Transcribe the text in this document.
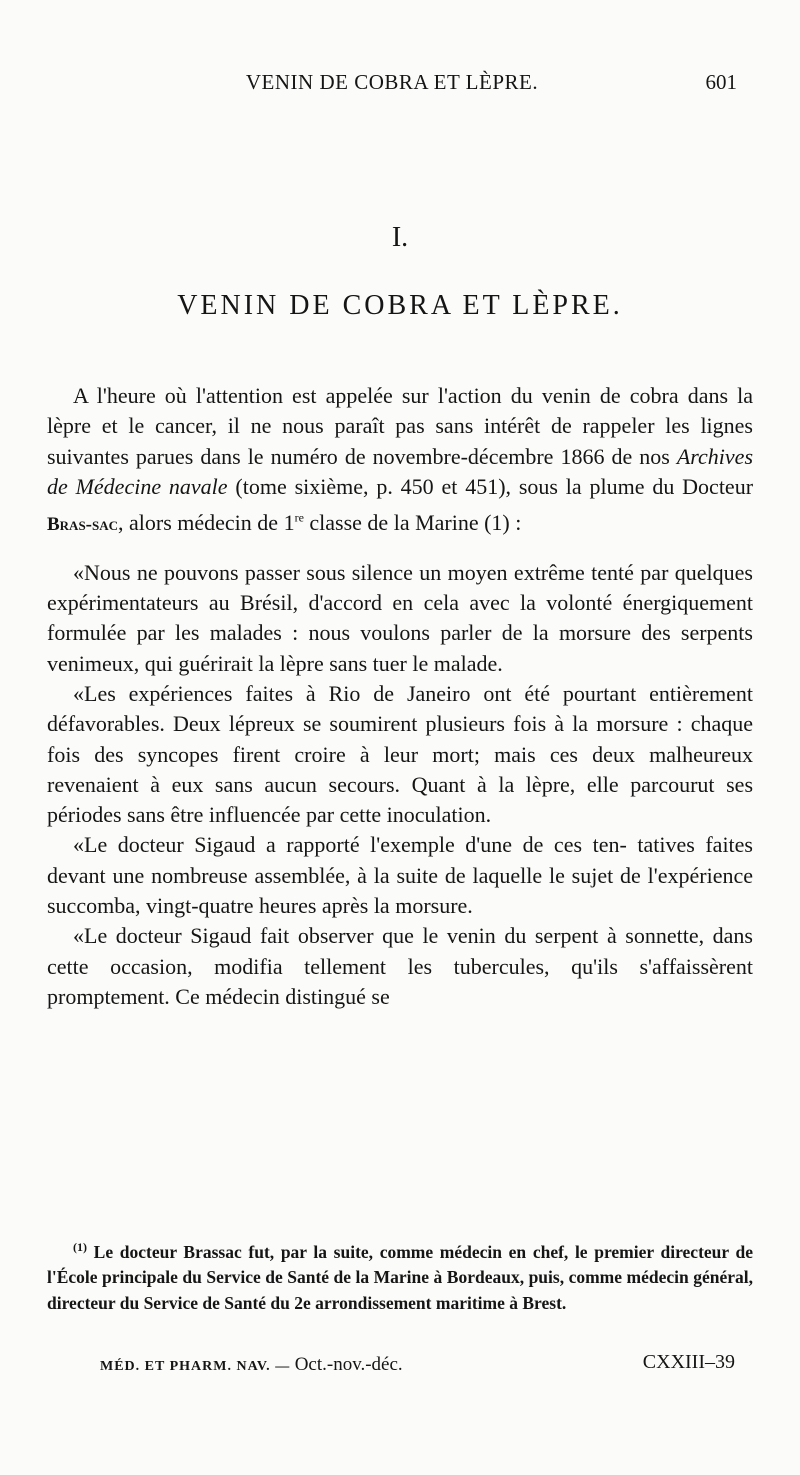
VENIN DE COBRA ET LÈPRE.	601
I.
VENIN DE COBRA ET LÈPRE.

A l'heure où l'attention est appelée sur l'action du venin de cobra dans la lèpre et le cancer, il ne nous paraît pas sans intérêt de rappeler les lignes suivantes parues dans le numéro de novembre-décembre 1866 de nos Archives de Médecine navale (tome sixième, p. 450 et 451), sous la plume du Docteur Bras-sac, alors médecin de 1re classe de la Marine (1) :

«Nous ne pouvons passer sous silence un moyen extrême tenté par quelques expérimentateurs au Brésil, d'accord en cela avec la volonté énergiquement formulée par les malades : nous voulons parler de la morsure des serpents venimeux, qui guérirait la lèpre sans tuer le malade.

«Les expériences faites à Rio de Janeiro ont été pourtant entièrement défavorables. Deux lépreux se soumirent plusieurs fois à la morsure : chaque fois des syncopes firent croire à leur mort; mais ces deux malheureux revenaient à eux sans aucun secours. Quant à la lèpre, elle parcourut ses périodes sans être influencée par cette inoculation.

«Le docteur Sigaud a rapporté l'exemple d'une de ces ten- tatives faites devant une nombreuse assemblée, à la suite de laquelle le sujet de l'expérience succomba, vingt-quatre heures après la morsure.

«Le docteur Sigaud fait observer que le venin du serpent à sonnette, dans cette occasion, modifia tellement les tubercules, qu'ils s'affaissèrent promptement. Ce médecin distingué se

$^{(1)}$ Le docteur Brassac fut, par la suite, comme médecin en chef, le premier directeur de l'École principale du Service de Santé de la Marine à Bordeaux, puis, comme médecin général, directeur du Service de Santé du 2e arrondissement maritime à Brest.

MÉD. ET PHARM. NAV. — Oct.-nov.-déc.	CXXIII–39
